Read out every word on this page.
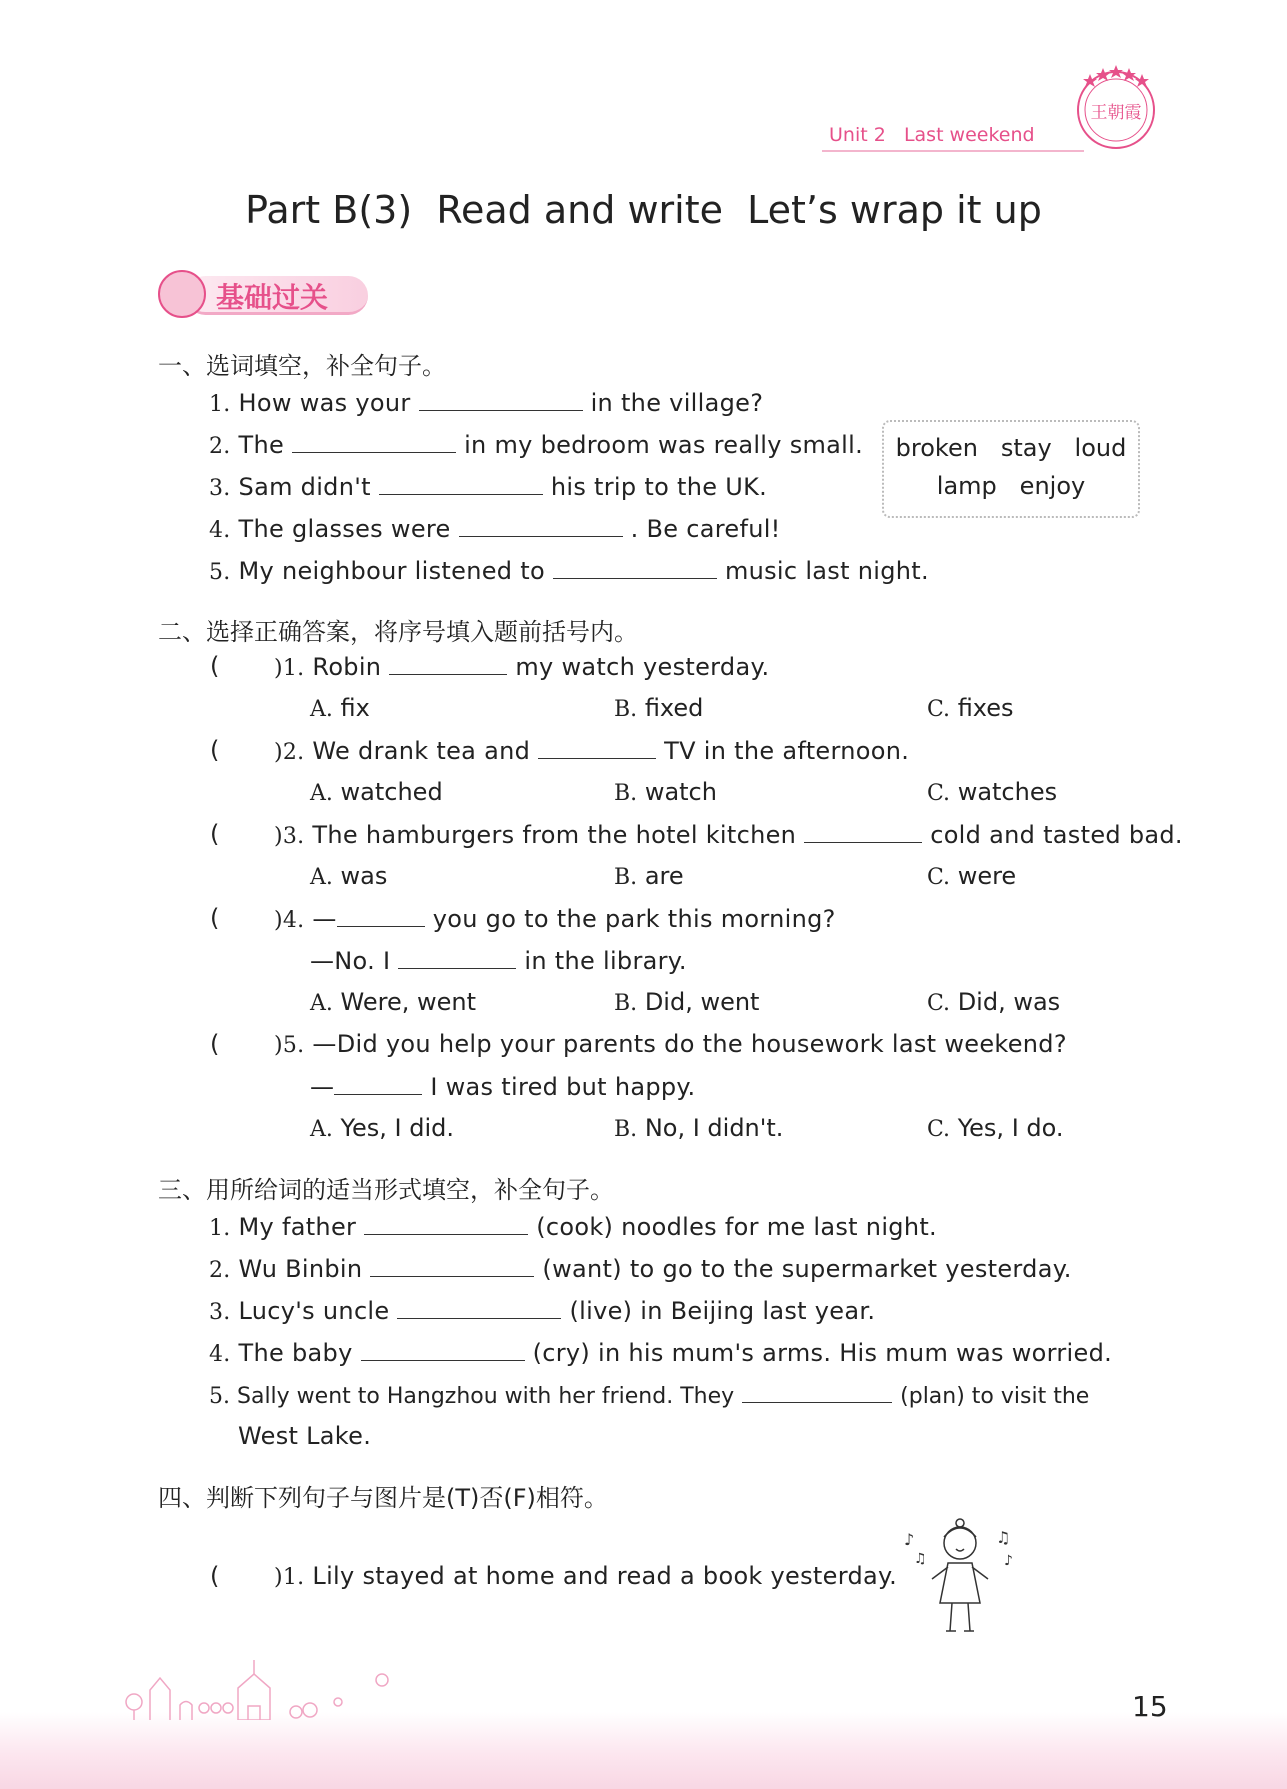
Unit 2 Last weekend
王朝霞
Part B(3)  Read and write  Let’s wrap it up
基础过关
一、选词填空，补全句子。
1. How was your	in the village?
2. The	in my bedroom was really small.
3. Sam didn't	his trip to the UK.
4. The glasses were	. Be careful!
5. My neighbour listened to	music last night.
broken   stay   loud
lamp   enjoy
二、选择正确答案，将序号填入题前括号内。
( )1. Robin	my watch yesterday.
A. fix	B. fixed	C. fixes
( )2. We drank tea and	TV in the afternoon.
A. watched	B. watch	C. watches
( )3. The hamburgers from the hotel kitchen	cold and tasted bad.
A. was	B. are	C. were
( )4. —	you go to the park this morning?
—No. I	in the library.
A. Were, went	B. Did, went	C. Did, was
( )5. —Did you help your parents do the housework last weekend?
—	I was tired but happy.
A. Yes, I did.	B. No, I didn't.	C. Yes, I do.
三、用所给词的适当形式填空，补全句子。
1. My father	(cook) noodles for me last night.
2. Wu Binbin	(want) to go to the supermarket yesterday.
3. Lucy's uncle	(live) in Beijing last year.
4. The baby	(cry) in his mum's arms. His mum was worried.
5. Sally went to Hangzhou with her friend. They	(plan) to visit the
West Lake.
四、判断下列句子与图片是(T)否(F)相符。
( )1. Lily stayed at home and read a book yesterday.
♪
♫
♫
♪
15
